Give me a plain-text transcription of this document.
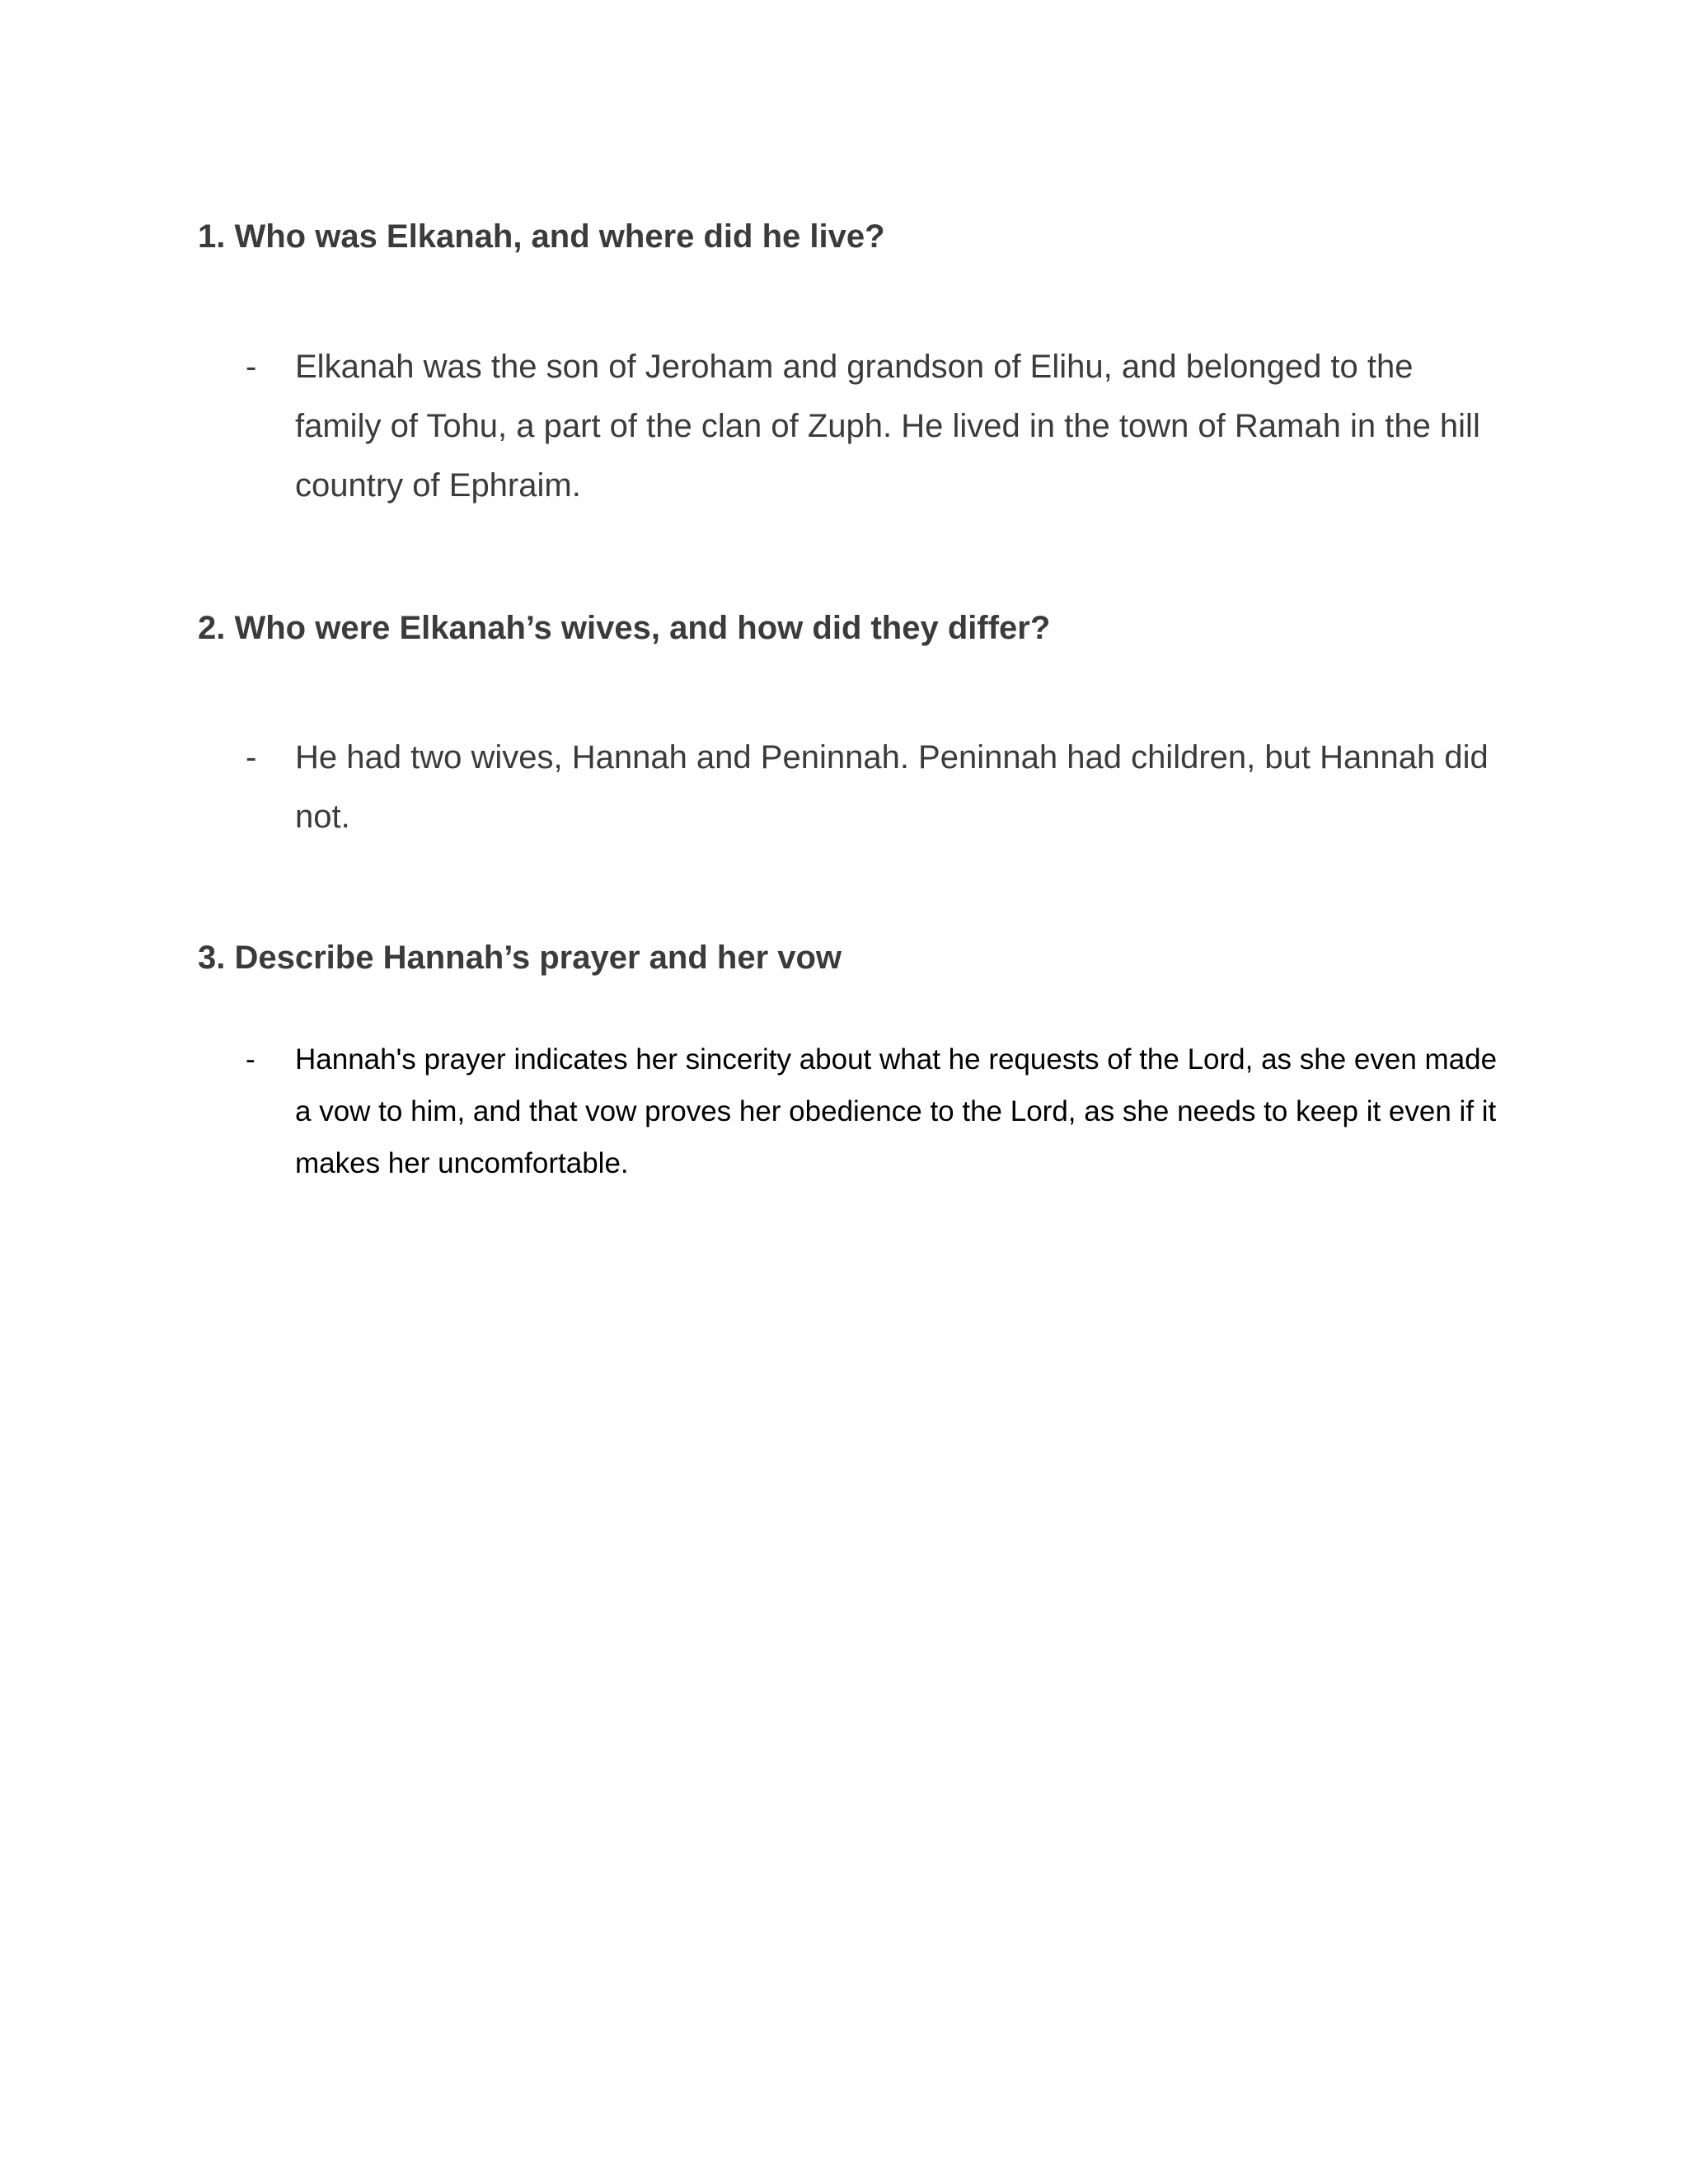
1. Who was Elkanah, and where did he live?
- Elkanah was the son of Jeroham and grandson of Elihu, and belonged to the family of Tohu, a part of the clan of Zuph. He lived in the town of Ramah in the hill country of Ephraim.
2. Who were Elkanah’s wives, and how did they differ?
- He had two wives, Hannah and Peninnah. Peninnah had children, but Hannah did not.
3. Describe Hannah’s prayer and her vow
- Hannah's prayer indicates her sincerity about what he requests of the Lord, as she even made a vow to him, and that vow proves her obedience to the Lord, as she needs to keep it even if it makes her uncomfortable.
